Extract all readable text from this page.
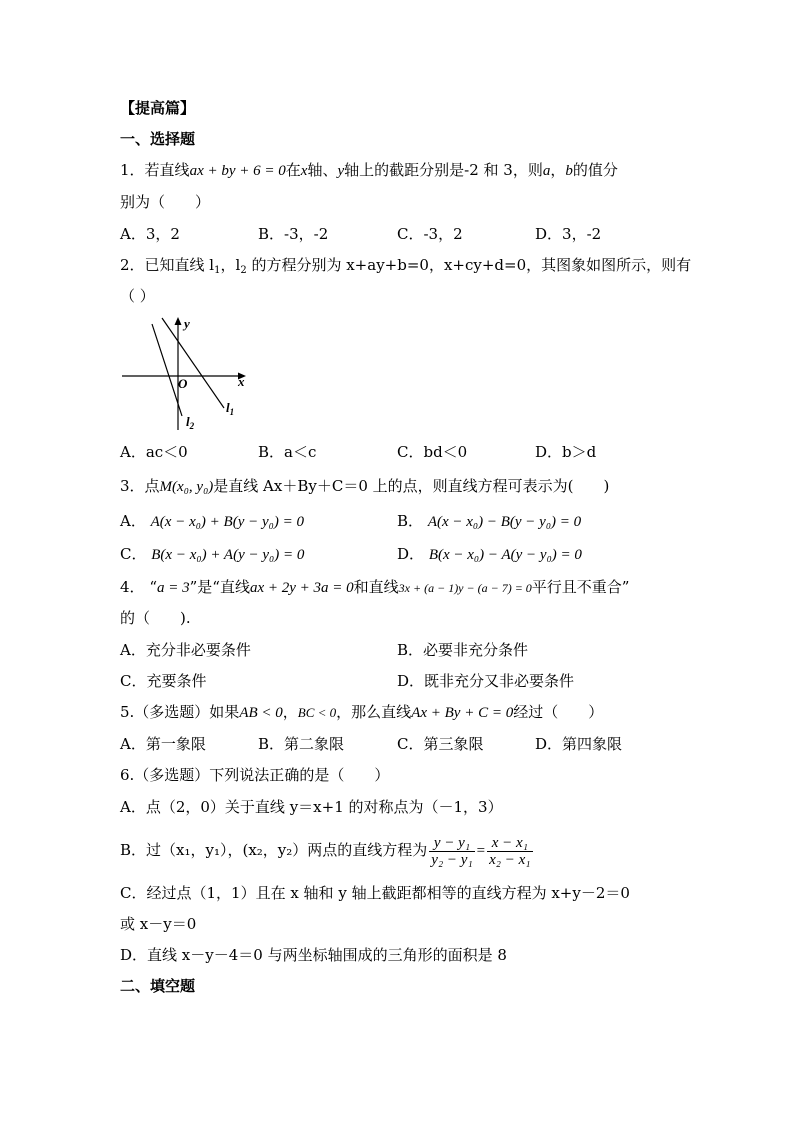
【提高篇】
一、选择题
1．若直线ax + by + 6 = 0在x轴、y轴上的截距分别是-2 和 3，则a，b的值分
别为（　　）
A．3，2	B．-3，-2	C．-3，2	D．3，-2
2．已知直线 $l_1$，$l_2$ 的方程分别为 x+ay+b=0，x+cy+d=0，其图象如图所示，则有
（ ）
y
x
O
$l_1$
$l_2$
A．ac＜0	B．a＜c	C．bd＜0	D．b＞d
3．点M(x₀, y₀)是直线 Ax＋By＋C＝0 上的点，则直线方程可表示为(　　)
A． A(x − x₀) + B(y − y₀) = 0	B． A(x − x₀) − B(y − y₀) = 0
C． B(x − x₀) + A(y − y₀) = 0	D． B(x − x₀) − A(y − y₀) = 0
4． “a = 3”是“直线ax + 2y + 3a = 0和直线3x + (a − 1)y − (a − 7) = 0平行且不重合”
的（　　).
A．充分非必要条件	B．必要非充分条件
C．充要条件	D．既非充分又非必要条件
5.（多选题）如果AB < 0，BC < 0，那么直线Ax + By + C = 0经过（　　）
A．第一象限	B．第二象限	C．第三象限	D．第四象限
6.（多选题）下列说法正确的是（　　）
A．点（2，0）关于直线 y＝x+1 的对称点为（－1，3）
B．过（x₁，y₁），(x₂，y₂）两点的直线方程为 $\frac{\text{y − y₁}}{\text{y₂ − y₁}} = \frac{\text{x − x₁}}{\text{x₂ − x₁}}$
C．经过点（1，1）且在 x 轴和 y 轴上截距都相等的直线方程为 x+y－2＝0
或 x－y＝0
D．直线 x－y－4＝0 与两坐标轴围成的三角形的面积是 8
二、填空题
